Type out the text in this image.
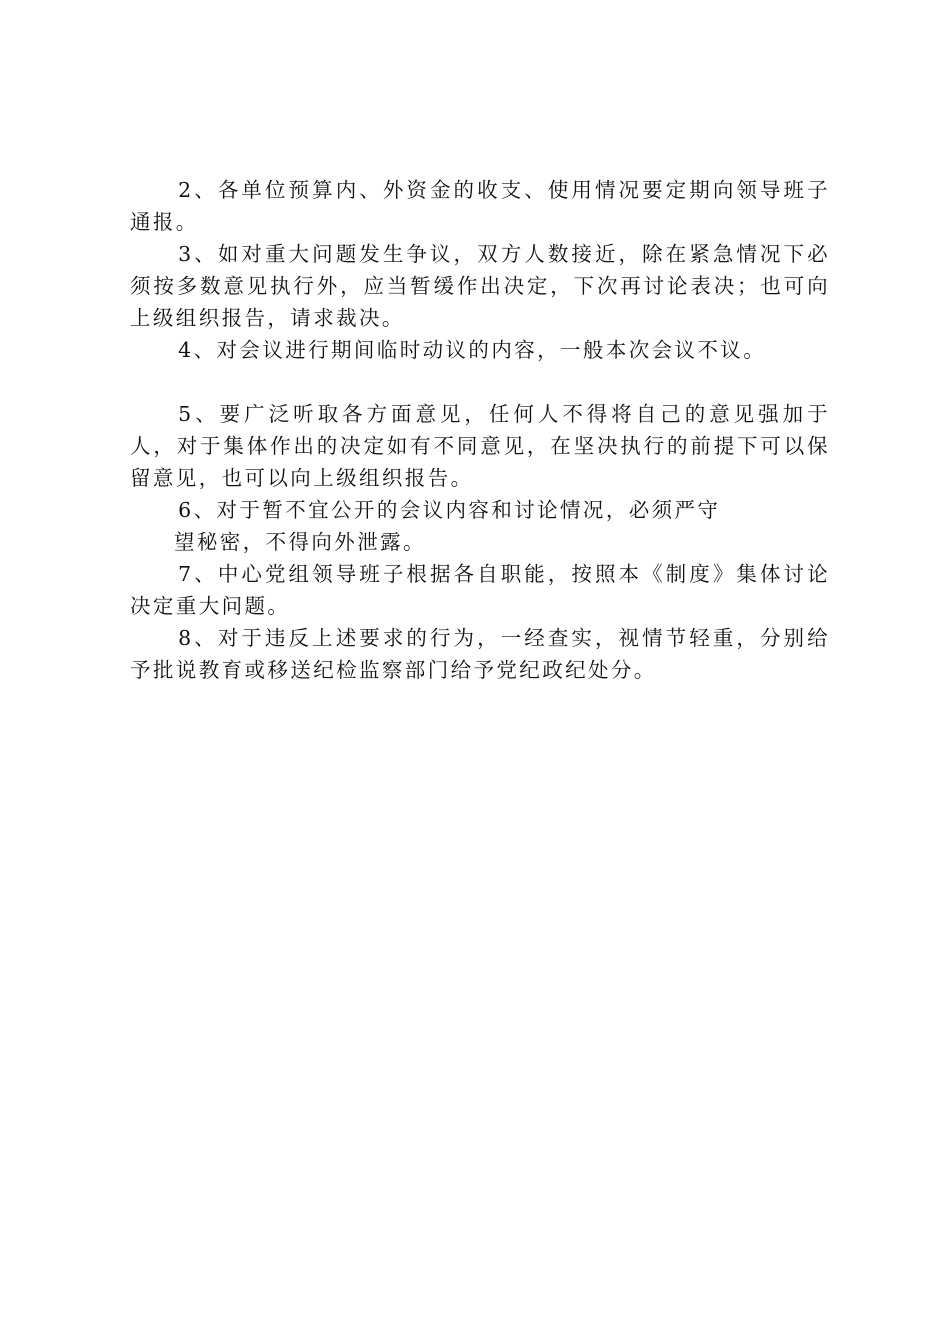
2、各单位预算内、外资金的收支、使用情况要定期向领导班子通报。

3、如对重大问题发生争议，双方人数接近，除在紧急情况下必须按多数意见执行外，应当暂缓作出决定，下次再讨论表决；也可向上级组织报告，请求裁决。

4、对会议进行期间临时动议的内容，一般本次会议不议。

5、要广泛听取各方面意见，任何人不得将自己的意见强加于人，对于集体作出的决定如有不同意见，在坚决执行的前提下可以保留意见，也可以向上级组织报告。

6、对于暂不宜公开的会议内容和讨论情况，必须严守

望秘密，不得向外泄露。

7、中心党组领导班子根据各自职能，按照本《制度》集体讨论决定重大问题。

8、对于违反上述要求的行为，一经查实，视情节轻重，分别给予批说教育或移送纪检监察部门给予党纪政纪处分。
